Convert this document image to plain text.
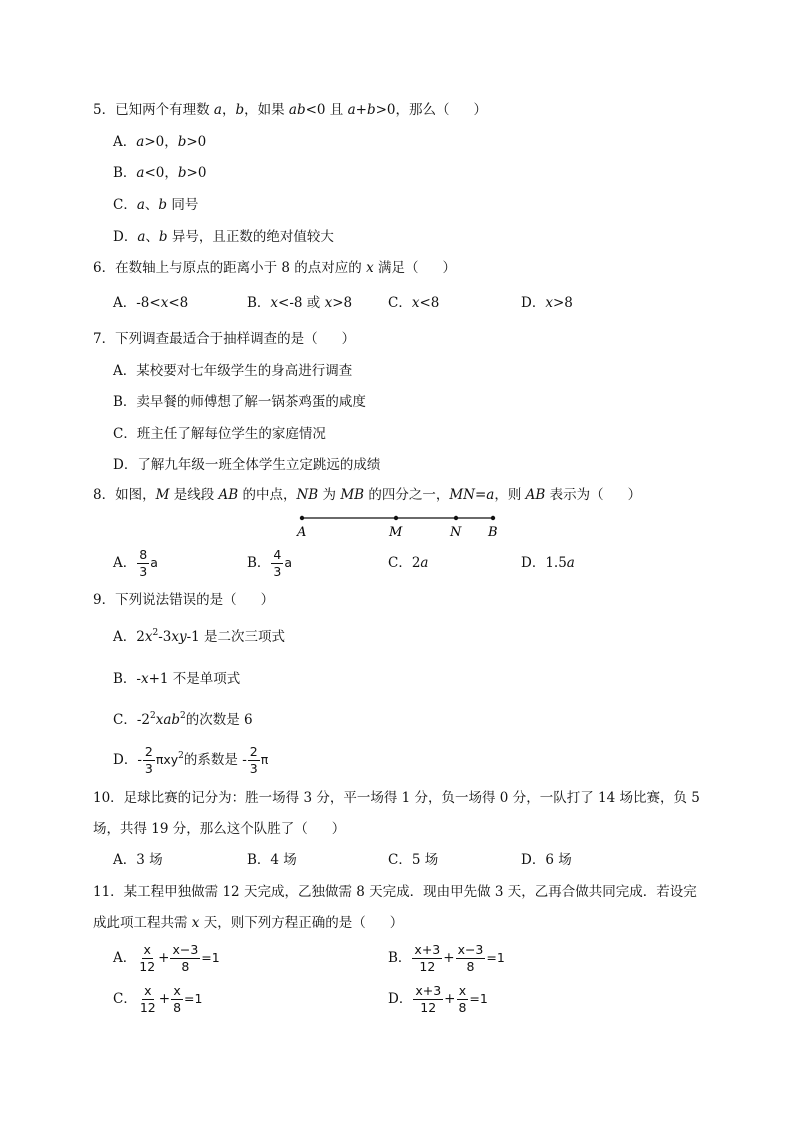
5．已知两个有理数 a，b，如果 ab<0 且 a+b>0，那么（ ）
A．a>0，b>0
B．a<0，b>0
C．a、b 同号
D．a、b 异号，且正数的绝对值较大
6．在数轴上与原点的距离小于 8 的点对应的 x 满足（ ）
A．-8<x<8	B．x<-8 或 x>8	C．x<8	D．x>8
7．下列调查最适合于抽样调查的是（ ）
A．某校要对七年级学生的身高进行调查
B．卖早餐的师傅想了解一锅茶鸡蛋的咸度
C．班主任了解每位学生的家庭情况
D．了解九年级一班全体学生立定跳远的成绩
8．如图，M 是线段 AB 的中点，NB 为 MB 的四分之一，MN=a，则 AB 表示为（ ）
A	M	N B
A． $\frac{8}{3}$ a	B． $\frac{4}{3}$ a	C．2a	D．1.5a
9．下列说法错误的是（ ）
A．$2x^2-3xy-1$ 是二次三项式
B．-x+1 不是单项式
C．$-2^2xab^2$的次数是 6
D．- $\frac{2}{3} \pi xy^2$的系数是 - $\frac{2}{3}$ π
10．足球比赛的记分为：胜一场得 3 分，平一场得 1 分，负一场得 0 分，一队打了 14 场比赛，负 5
场，共得 19 分，那么这个队胜了（ ）
A．3 场	B．4 场	C．5 场	D．6 场
11．某工程甲独做需 12 天完成，乙独做需 8 天完成．现由甲先做 3 天，乙再合做共同完成．若设完
成此项工程共需 x 天，则下列方程正确的是（ ）
A． $\frac{x}{12} + \frac{x-3}{8} =1$	B． $\frac{x+3}{12} + \frac{x-3}{8} =1$
C． $\frac{x}{12} + \frac{x}{8} =1$	D． $\frac{x+3}{12} + \frac{x}{8} =1$
